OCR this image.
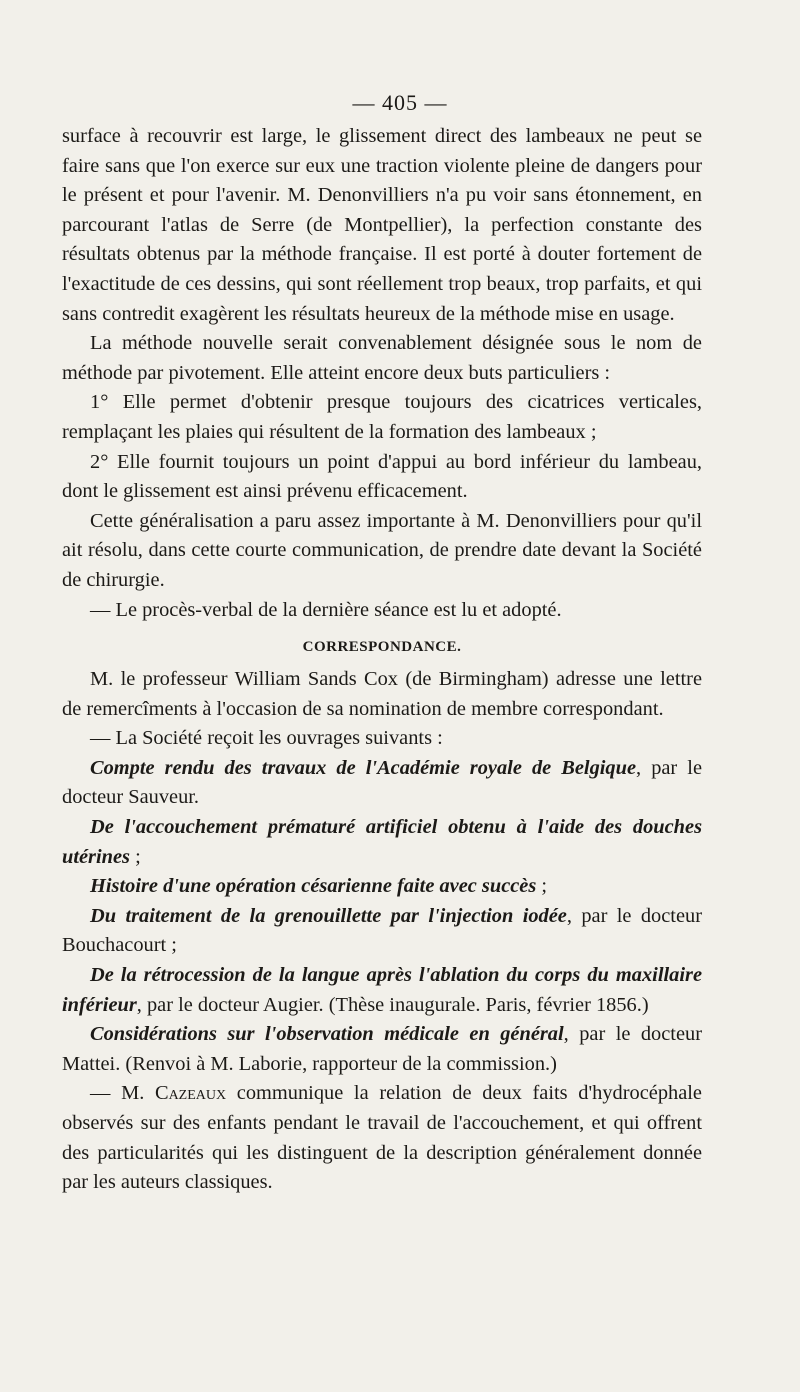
— 405 —

surface à recouvrir est large, le glissement direct des lambeaux ne peut se faire sans que l'on exerce sur eux une traction violente pleine de dangers pour le présent et pour l'avenir. M. Denonvilliers n'a pu voir sans étonnement, en parcourant l'atlas de Serre (de Montpellier), la perfection constante des résultats obtenus par la méthode française. Il est porté à douter fortement de l'exactitude de ces dessins, qui sont réellement trop beaux, trop parfaits, et qui sans contredit exagèrent les résultats heureux de la méthode mise en usage.

La méthode nouvelle serait convenablement désignée sous le nom de méthode par pivotement. Elle atteint encore deux buts particuliers :

1° Elle permet d'obtenir presque toujours des cicatrices verticales, remplaçant les plaies qui résultent de la formation des lambeaux ;

2° Elle fournit toujours un point d'appui au bord inférieur du lambeau, dont le glissement est ainsi prévenu efficacement.

Cette généralisation a paru assez importante à M. Denonvilliers pour qu'il ait résolu, dans cette courte communication, de prendre date devant la Société de chirurgie.

— Le procès-verbal de la dernière séance est lu et adopté.

CORRESPONDANCE.

M. le professeur William Sands Cox (de Birmingham) adresse une lettre de remercîments à l'occasion de sa nomination de membre correspondant.

— La Société reçoit les ouvrages suivants :

Compte rendu des travaux de l'Académie royale de Belgique, par le docteur Sauveur.

De l'accouchement prématuré artificiel obtenu à l'aide des douches utérines ;

Histoire d'une opération césarienne faite avec succès ;

Du traitement de la grenouillette par l'injection iodée, par le docteur Bouchacourt ;

De la rétrocession de la langue après l'ablation du corps du maxillaire inférieur, par le docteur Augier. (Thèse inaugurale. Paris, février 1856.)

Considérations sur l'observation médicale en général, par le docteur Mattei. (Renvoi à M. Laborie, rapporteur de la commission.)

— M. Cazeaux communique la relation de deux faits d'hydrocéphale observés sur des enfants pendant le travail de l'accouchement, et qui offrent des particularités qui les distinguent de la description généralement donnée par les auteurs classiques.
